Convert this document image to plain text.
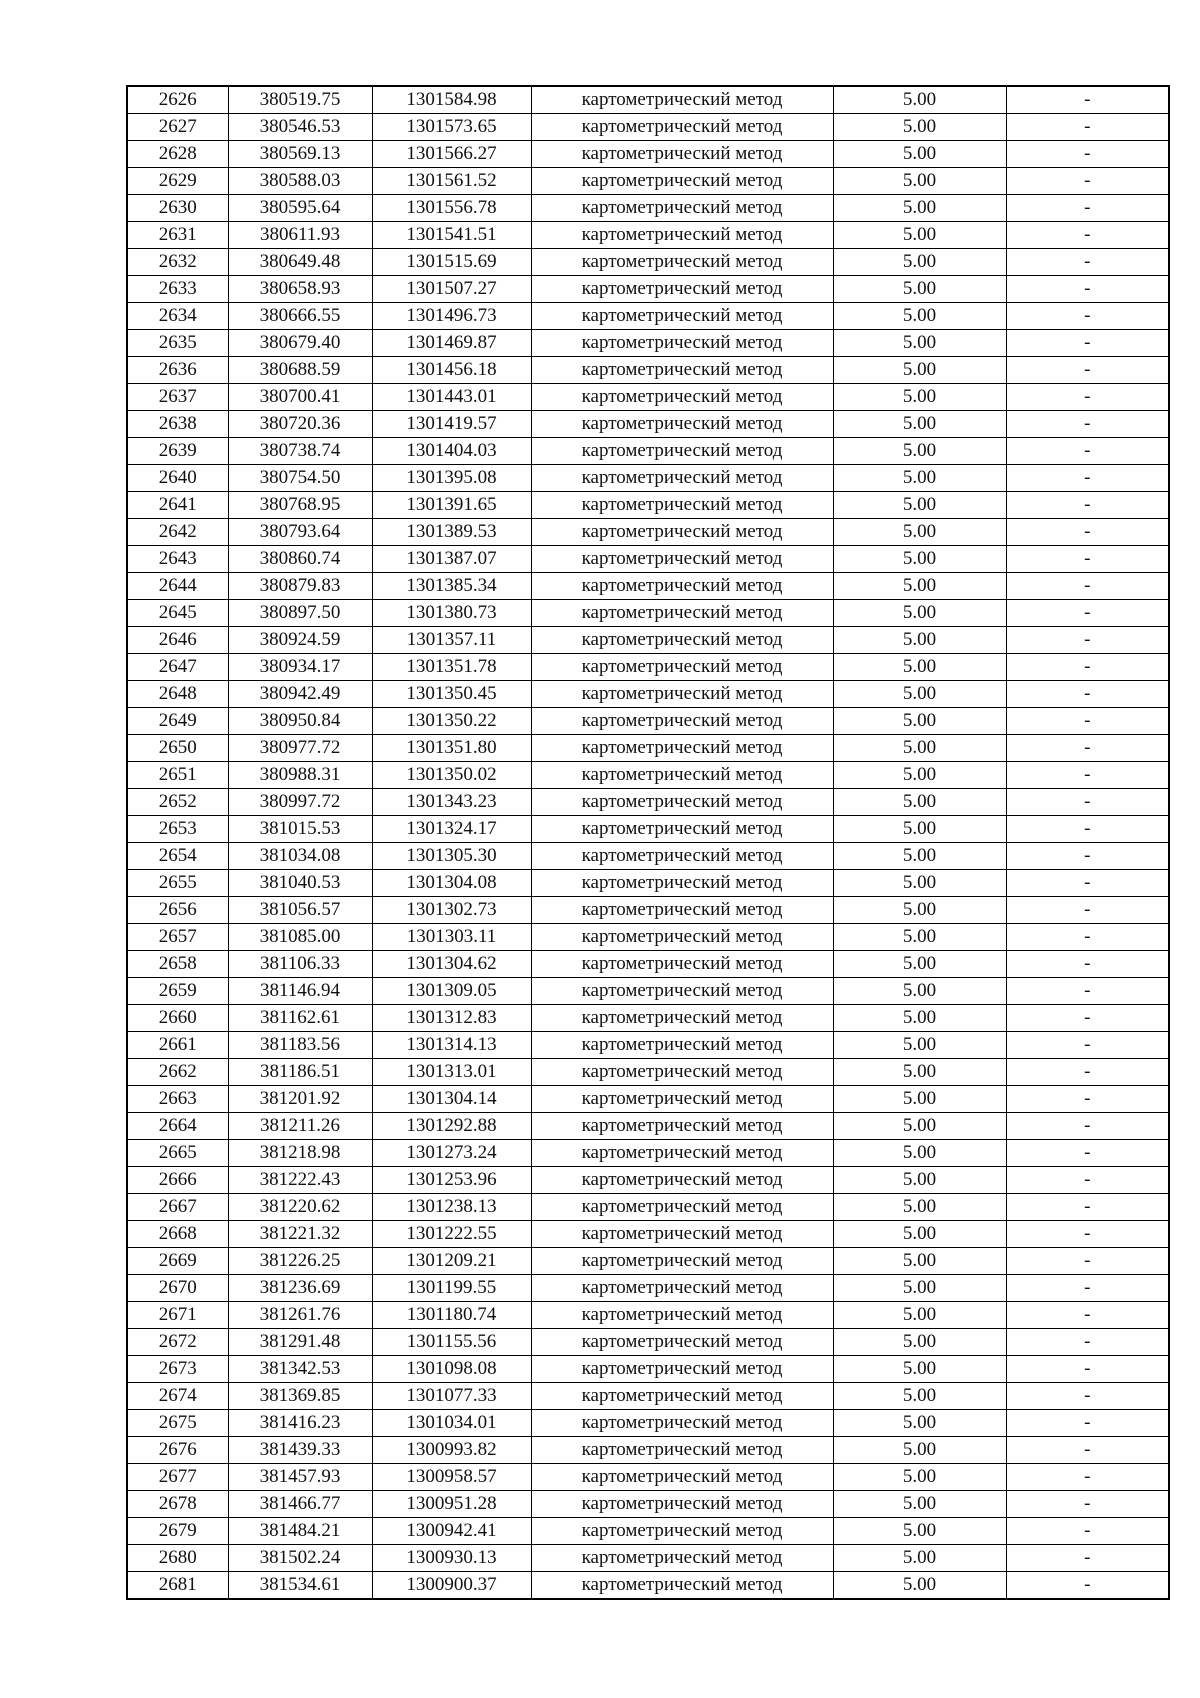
2626	380519.75	1301584.98	картометрический метод	5.00	-
2627	380546.53	1301573.65	картометрический метод	5.00	-
2628	380569.13	1301566.27	картометрический метод	5.00	-
2629	380588.03	1301561.52	картометрический метод	5.00	-
2630	380595.64	1301556.78	картометрический метод	5.00	-
2631	380611.93	1301541.51	картометрический метод	5.00	-
2632	380649.48	1301515.69	картометрический метод	5.00	-
2633	380658.93	1301507.27	картометрический метод	5.00	-
2634	380666.55	1301496.73	картометрический метод	5.00	-
2635	380679.40	1301469.87	картометрический метод	5.00	-
2636	380688.59	1301456.18	картометрический метод	5.00	-
2637	380700.41	1301443.01	картометрический метод	5.00	-
2638	380720.36	1301419.57	картометрический метод	5.00	-
2639	380738.74	1301404.03	картометрический метод	5.00	-
2640	380754.50	1301395.08	картометрический метод	5.00	-
2641	380768.95	1301391.65	картометрический метод	5.00	-
2642	380793.64	1301389.53	картометрический метод	5.00	-
2643	380860.74	1301387.07	картометрический метод	5.00	-
2644	380879.83	1301385.34	картометрический метод	5.00	-
2645	380897.50	1301380.73	картометрический метод	5.00	-
2646	380924.59	1301357.11	картометрический метод	5.00	-
2647	380934.17	1301351.78	картометрический метод	5.00	-
2648	380942.49	1301350.45	картометрический метод	5.00	-
2649	380950.84	1301350.22	картометрический метод	5.00	-
2650	380977.72	1301351.80	картометрический метод	5.00	-
2651	380988.31	1301350.02	картометрический метод	5.00	-
2652	380997.72	1301343.23	картометрический метод	5.00	-
2653	381015.53	1301324.17	картометрический метод	5.00	-
2654	381034.08	1301305.30	картометрический метод	5.00	-
2655	381040.53	1301304.08	картометрический метод	5.00	-
2656	381056.57	1301302.73	картометрический метод	5.00	-
2657	381085.00	1301303.11	картометрический метод	5.00	-
2658	381106.33	1301304.62	картометрический метод	5.00	-
2659	381146.94	1301309.05	картометрический метод	5.00	-
2660	381162.61	1301312.83	картометрический метод	5.00	-
2661	381183.56	1301314.13	картометрический метод	5.00	-
2662	381186.51	1301313.01	картометрический метод	5.00	-
2663	381201.92	1301304.14	картометрический метод	5.00	-
2664	381211.26	1301292.88	картометрический метод	5.00	-
2665	381218.98	1301273.24	картометрический метод	5.00	-
2666	381222.43	1301253.96	картометрический метод	5.00	-
2667	381220.62	1301238.13	картометрический метод	5.00	-
2668	381221.32	1301222.55	картометрический метод	5.00	-
2669	381226.25	1301209.21	картометрический метод	5.00	-
2670	381236.69	1301199.55	картометрический метод	5.00	-
2671	381261.76	1301180.74	картометрический метод	5.00	-
2672	381291.48	1301155.56	картометрический метод	5.00	-
2673	381342.53	1301098.08	картометрический метод	5.00	-
2674	381369.85	1301077.33	картометрический метод	5.00	-
2675	381416.23	1301034.01	картометрический метод	5.00	-
2676	381439.33	1300993.82	картометрический метод	5.00	-
2677	381457.93	1300958.57	картометрический метод	5.00	-
2678	381466.77	1300951.28	картометрический метод	5.00	-
2679	381484.21	1300942.41	картометрический метод	5.00	-
2680	381502.24	1300930.13	картометрический метод	5.00	-
2681	381534.61	1300900.37	картометрический метод	5.00	-
